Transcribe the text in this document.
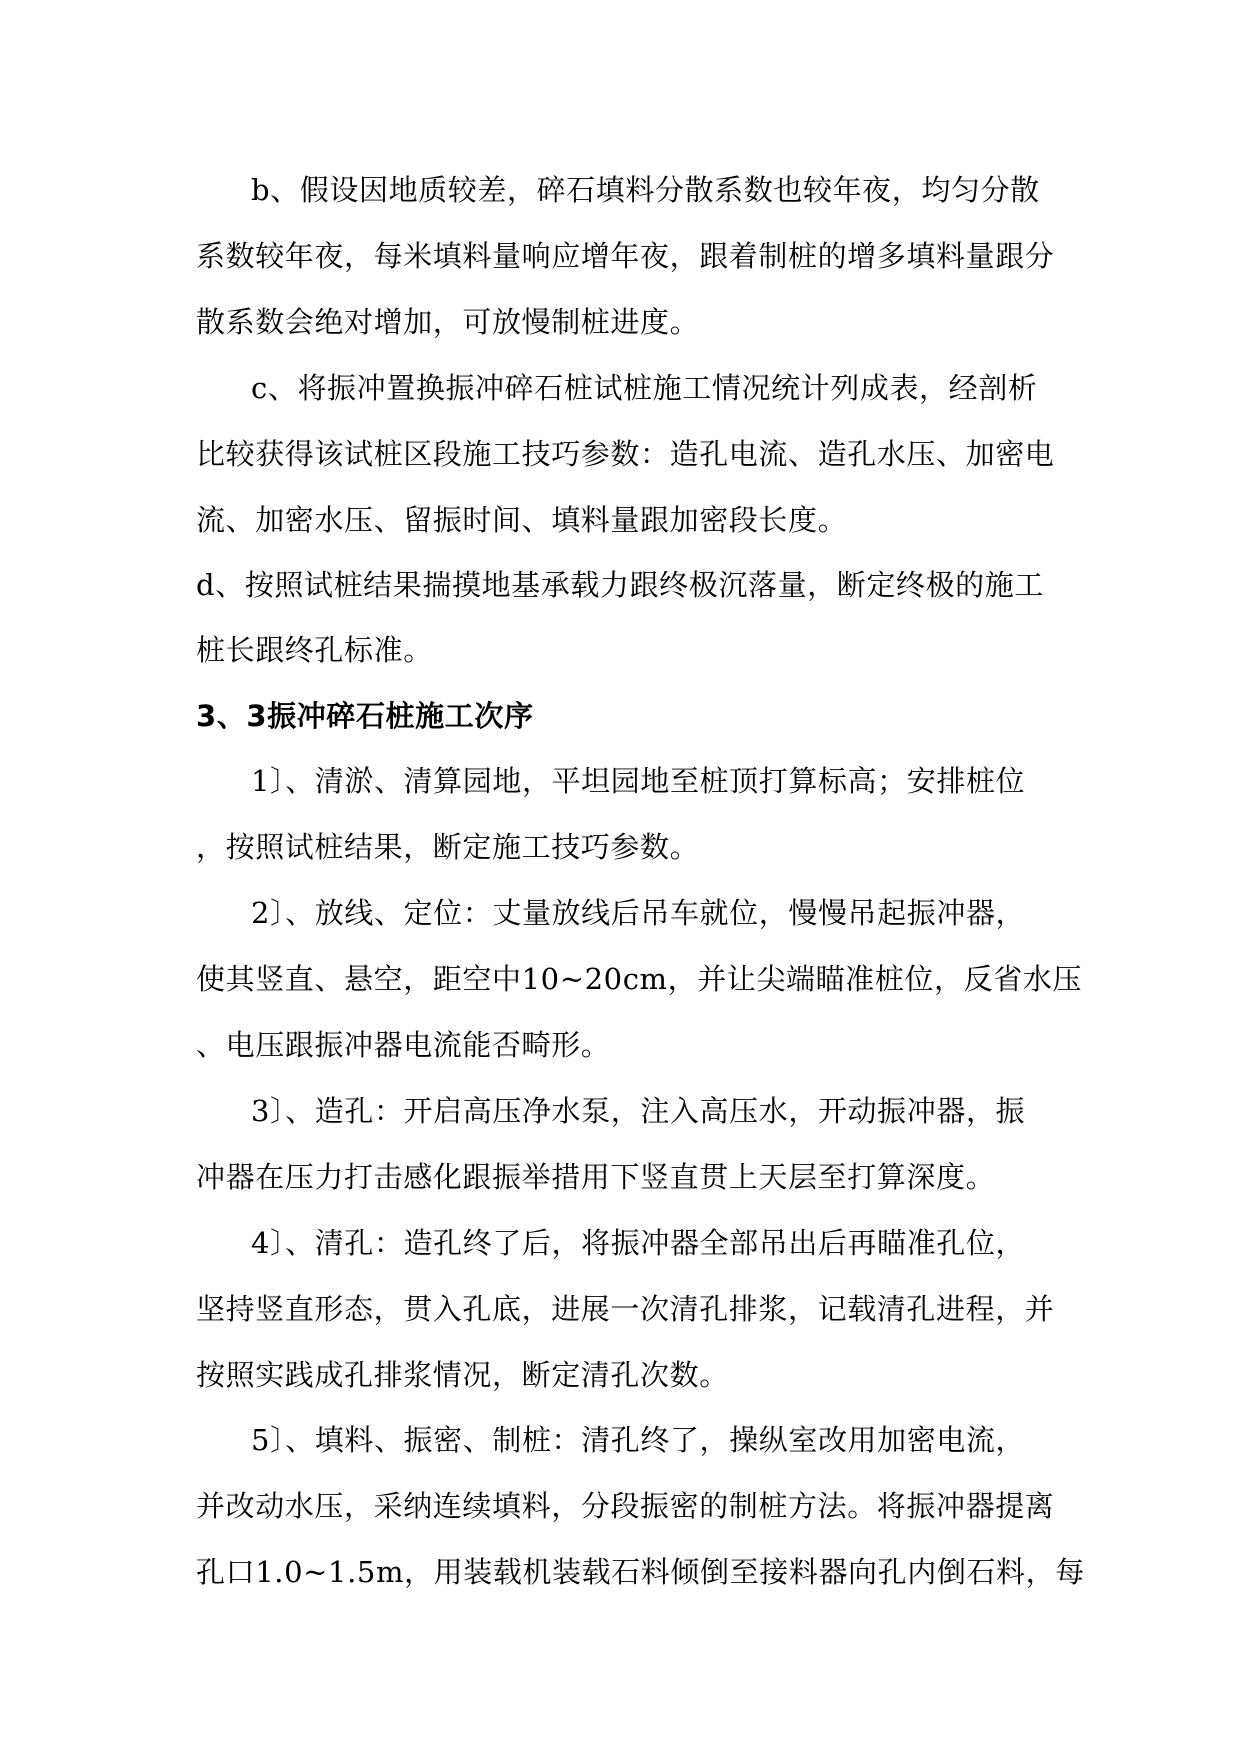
b、假设因地质较差，碎石填料分散系数也较年夜，均匀分散
系数较年夜，每米填料量响应增年夜，跟着制桩的增多填料量跟分
散系数会绝对增加，可放慢制桩进度。
c、将振冲置换振冲碎石桩试桩施工情况统计列成表，经剖析
比较获得该试桩区段施工技巧参数：造孔电流、造孔水压、加密电
流、加密水压、留振时间、填料量跟加密段长度。
d、按照试桩结果揣摸地基承载力跟终极沉落量，断定终极的施工
桩长跟终孔标准。
3、3振冲碎石桩施工次序
1〕、清淤、清算园地，平坦园地至桩顶打算标高；安排桩位
，按照试桩结果，断定施工技巧参数。
2〕、放线、定位：丈量放线后吊车就位，慢慢吊起振冲器，
使其竖直、悬空，距空中10~20cm，并让尖端瞄准桩位，反省水压
、电压跟振冲器电流能否畸形。
3〕、造孔：开启高压净水泵，注入高压水，开动振冲器，振
冲器在压力打击感化跟振举措用下竖直贯上天层至打算深度。
4〕、清孔：造孔终了后，将振冲器全部吊出后再瞄准孔位，
坚持竖直形态，贯入孔底，进展一次清孔排浆，记载清孔进程，并
按照实践成孔排浆情况，断定清孔次数。
5〕、填料、振密、制桩：清孔终了，操纵室改用加密电流，
并改动水压，采纳连续填料，分段振密的制桩方法。将振冲器提离
孔口1.0~1.5m，用装载机装载石料倾倒至接料器向孔内倒石料，每
